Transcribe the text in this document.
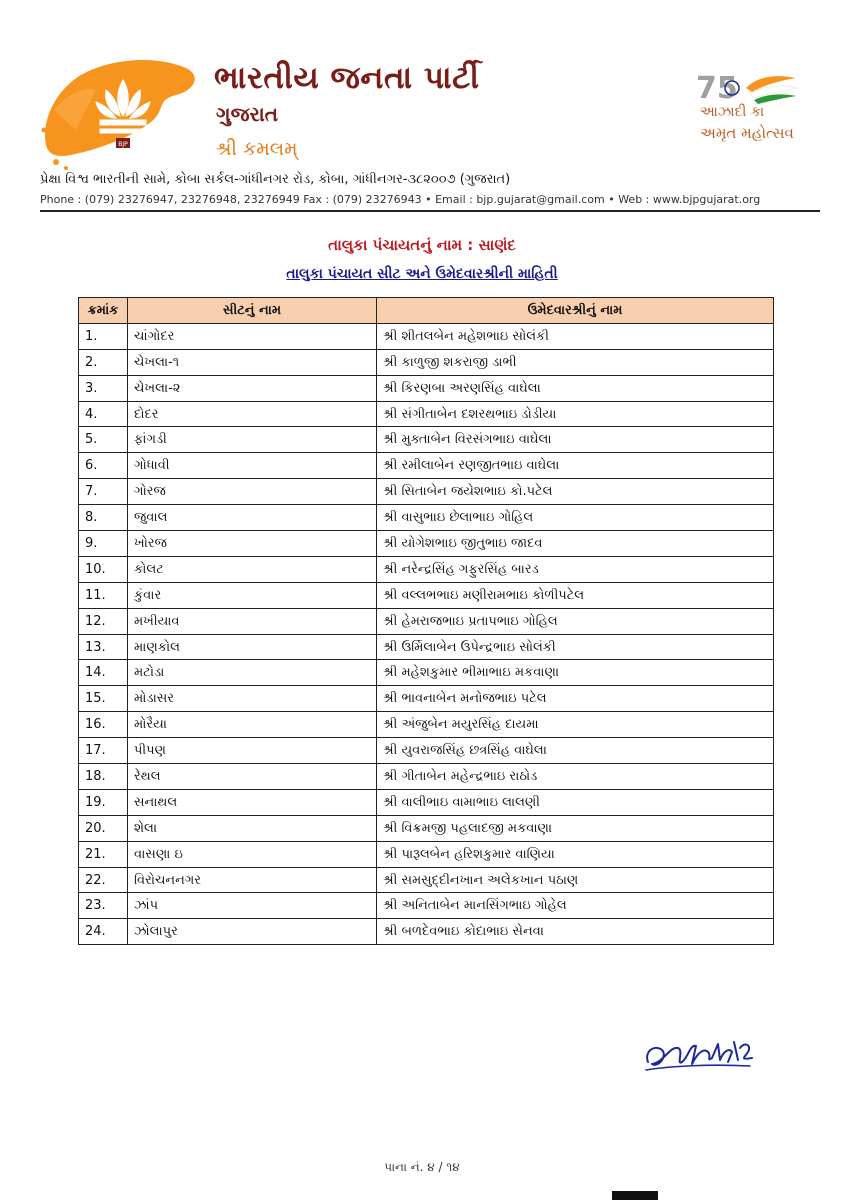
BJP
ભારતીય જનતા પાર્ટી
ગુજરાત
શ્રી કમલમ્
75
આઝાદી કા
અમૃત મહોત્સવ
પ્રેક્ષા વિશ્વ ભારતીની સામે, કોબા સર્કલ-ગાંધીનગર રોડ, કોબા, ગાંધીનગર-૩૮૨૦૦૭ (ગુજરાત)
Phone : (079) 23276947, 23276948, 23276949 Fax : (079) 23276943 • Email : bjp.gujarat@gmail.com • Web : www.bjpgujarat.org
તાલુકા પંચાયતનું નામ : સાણંદ
તાલુકા પંચાયત સીટ અને ઉમેદવારશ્રીની માહિતી
ક્રમાંક	સીટનું નામ	ઉમેદવારશ્રીનું નામ
1.	ચાંગોદર	શ્રી શીતલબેન મહેશભાઇ સોલંકી
2.	ચેખલા-૧	શ્રી કાળુજી શકરાજી ડાભી
3.	ચેખલા-૨	શ્રી કિરણબા અરણસિંહ વાઘેલા
4.	દોદર	શ્રી સંગીતાબેન દશરથભાઇ ડોડીયા
5.	ફાંગડી	શ્રી મુક્તાબેન વિરસંગભાઇ વાઘેલા
6.	ગોધાવી	શ્રી રમીલાબેન રણજીતભાઇ વાઘેલા
7.	ગોરજ	શ્રી સિતાબેન જયેશભાઇ કો.પટેલ
8.	જુવાલ	શ્રી વાસુભાઇ છેલાભાઇ ગોહિલ
9.	ખોરજ	શ્રી યોગેશભાઇ જીતુભાઇ જાદવ
10.	કોલટ	શ્રી નરેન્દ્રસિંહ ગફુરસિંહ બારડ
11.	કુંવાર	શ્રી વલ્લભભાઇ મણીરામભાઇ કોળીપટેલ
12.	મખીયાવ	શ્રી હેમરાજભાઇ પ્રતાપભાઇ ગોહિલ
13.	માણકોલ	શ્રી ઉર્મિલાબેન ઉપેન્દ્રભાઇ સોલંકી
14.	મટોડા	શ્રી મહેશકુમાર ભીમાભાઇ મકવાણા
15.	મોડાસર	શ્રી ભાવનાબેન મનોજભાઇ પટેલ
16.	મોરૈયા	શ્રી અંજુબેન મયુરસિંહ દાયમા
17.	પીપણ	શ્રી યુવરાજસિંહ છત્રસિંહ વાઘેલા
18.	રેથલ	શ્રી ગીતાબેન મહેન્દ્રભાઇ રાઠોડ
19.	સનાથલ	શ્રી વાલીભાઇ વામાભાઇ લાલણી
20.	શેલા	શ્રી વિક્રમજી પહલાદજી મકવાણા
21.	વાસણા ઇ	શ્રી પારૂલબેન હરિશકુમાર વાણિયા
22.	વિરોચનનગર	શ્રી સમસુદ્દીનખાન અલેકખાન પઠાણ
23.	ઝાંપ	શ્રી અનિતાબેન માનસિંગભાઇ ગોહેલ
24.	ઝોલાપુર	શ્રી બળદેવભાઇ કોદાભાઇ સેનવા
પાના નં. ૪ / ૧૪
